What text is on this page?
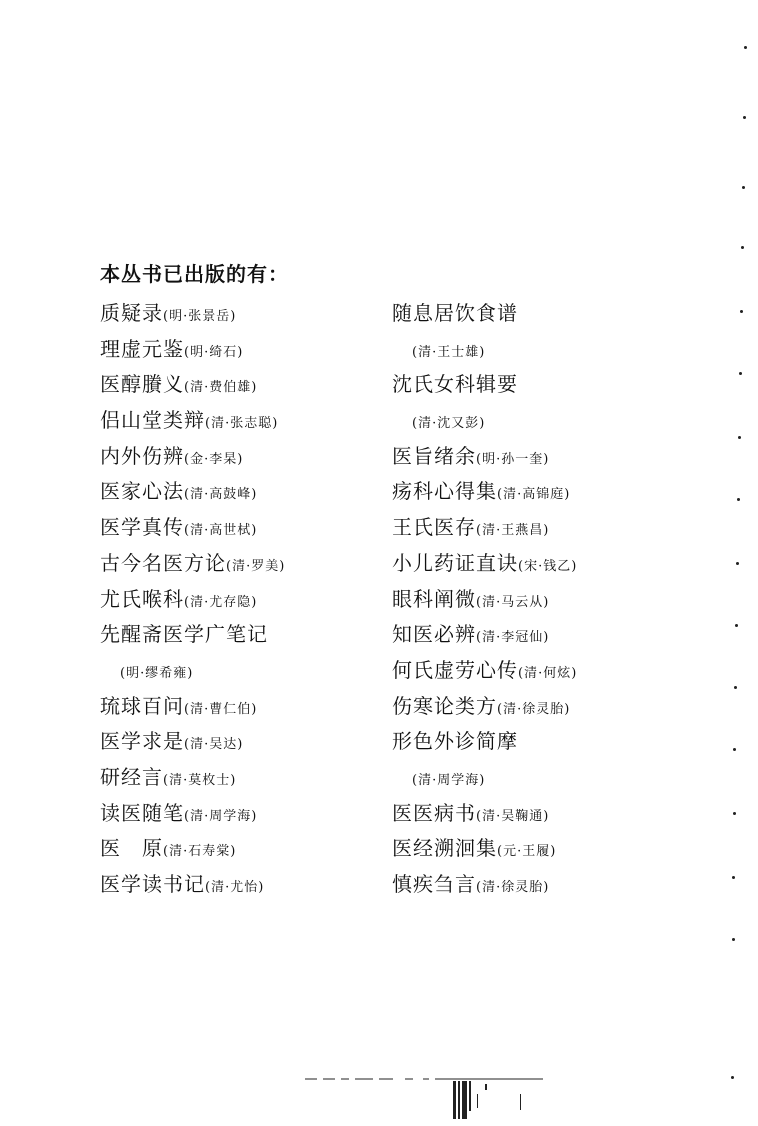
本丛书已出版的有：
质疑录(明·张景岳)
理虚元鉴(明·绮石)
医醇賸义(清·费伯雄)
侣山堂类辩(清·张志聪)
内外伤辨(金·李杲)
医家心法(清·高鼓峰)
医学真传(清·高世栻)
古今名医方论(清·罗美)
尤氏喉科(清·尤存隐)
先醒斋医学广笔记
(明·缪希雍)
琉球百问(清·曹仁伯)
医学求是(清·吴达)
研经言(清·莫枚士)
读医随笔(清·周学海)
医　原(清·石寿棠)
医学读书记(清·尤怡)
随息居饮食谱
(清·王士雄)
沈氏女科辑要
(清·沈又彭)
医旨绪余(明·孙一奎)
疡科心得集(清·高锦庭)
王氏医存(清·王燕昌)
小儿药证直诀(宋·钱乙)
眼科阐微(清·马云从)
知医必辨(清·李冠仙)
何氏虚劳心传(清·何炫)
伤寒论类方(清·徐灵胎)
形色外诊简摩
(清·周学海)
医医病书(清·吴鞠通)
医经溯洄集(元·王履)
慎疾刍言(清·徐灵胎)
